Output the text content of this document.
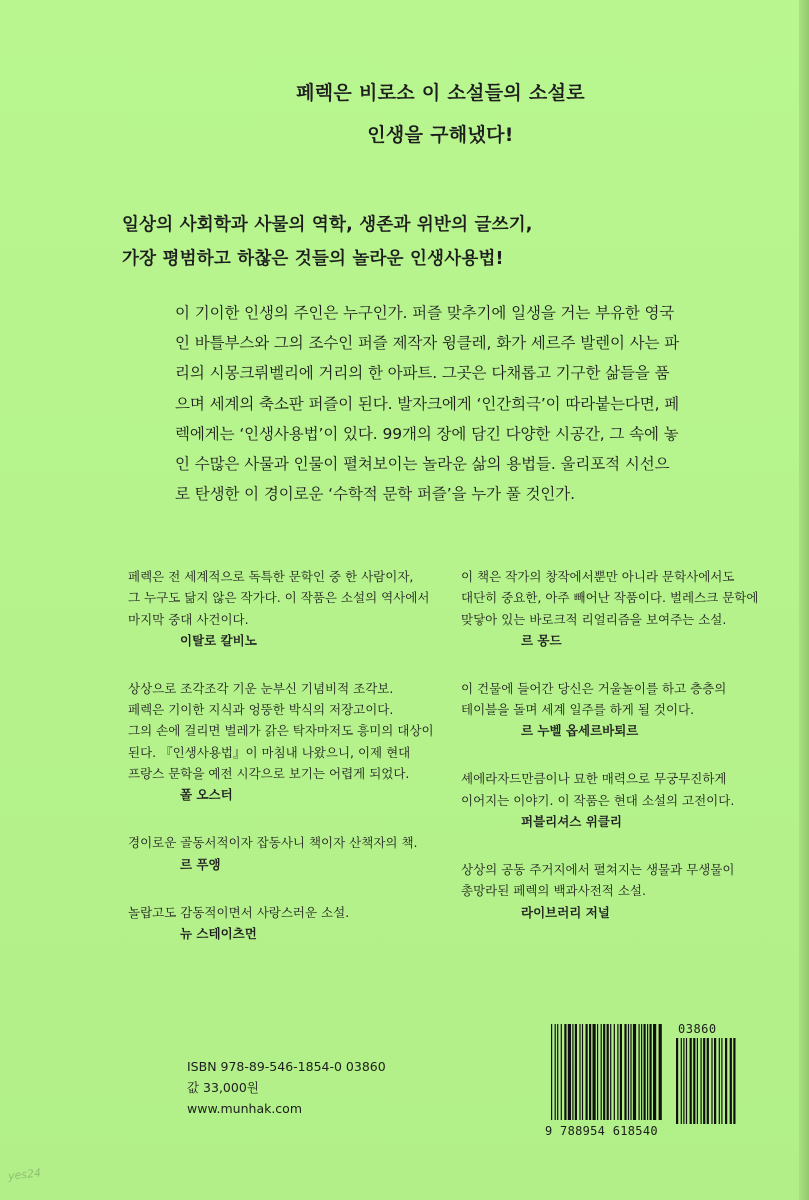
페렉은 비로소 이 소설들의 소설로
인생을 구해냈다!
일상의 사회학과 사물의 역학, 생존과 위반의 글쓰기,
가장 평범하고 하찮은 것들의 놀라운 인생사용법!
이 기이한 인생의 주인은 누구인가. 퍼즐 맞추기에 일생을 거는 부유한 영국
인 바틀부스와 그의 조수인 퍼즐 제작자 윙클레, 화가 세르주 발렌이 사는 파
리의 시몽크뤼벨리에 거리의 한 아파트. 그곳은 다채롭고 기구한 삶들을 품
으며 세계의 축소판 퍼즐이 된다. 발자크에게 ‘인간희극’이 따라붙는다면, 페
렉에게는 ‘인생사용법’이 있다. 99개의 장에 담긴 다양한 시공간, 그 속에 놓
인 수많은 사물과 인물이 펼쳐보이는 놀라운 삶의 용법들. 울리포적 시선으
로 탄생한 이 경이로운 ‘수학적 문학 퍼즐’을 누가 풀 것인가.
페렉은 전 세계적으로 독특한 문학인 중 한 사람이자,
그 누구도 닮지 않은 작가다. 이 작품은 소설의 역사에서
마지막 중대 사건이다.
이탈로 칼비노
상상으로 조각조각 기운 눈부신 기념비적 조각보.
페렉은 기이한 지식과 엉뚱한 박식의 저장고이다.
그의 손에 걸리면 벌레가 갉은 탁자마저도 흥미의 대상이
된다. 『인생사용법』이 마침내 나왔으니, 이제 현대
프랑스 문학을 예전 시각으로 보기는 어렵게 되었다.
폴 오스터
경이로운 골동서적이자 잡동사니 책이자 산책자의 책.
르 푸앵
놀랍고도 감동적이면서 사랑스러운 소설.
뉴 스테이츠먼
이 책은 작가의 창작에서뿐만 아니라 문학사에서도
대단히 중요한, 아주 빼어난 작품이다. 벌레스크 문학에
맞닿아 있는 바로크적 리얼리즘을 보여주는 소설.
르 몽드
이 건물에 들어간 당신은 거울놀이를 하고 층층의
테이블을 돌며 세계 일주를 하게 될 것이다.
르 누벨 옵세르바퇴르
셰에라자드만큼이나 묘한 매력으로 무궁무진하게
이어지는 이야기. 이 작품은 현대 소설의 고전이다.
퍼블리셔스 위클리
상상의 공동 주거지에서 펼쳐지는 생물과 무생물이
총망라된 페렉의 백과사전적 소설.
라이브러리 저널
ISBN 978-89-546-1854-0 03860
값 33,000원
www.munhak.com
03860
9 788954 618540
yes24
